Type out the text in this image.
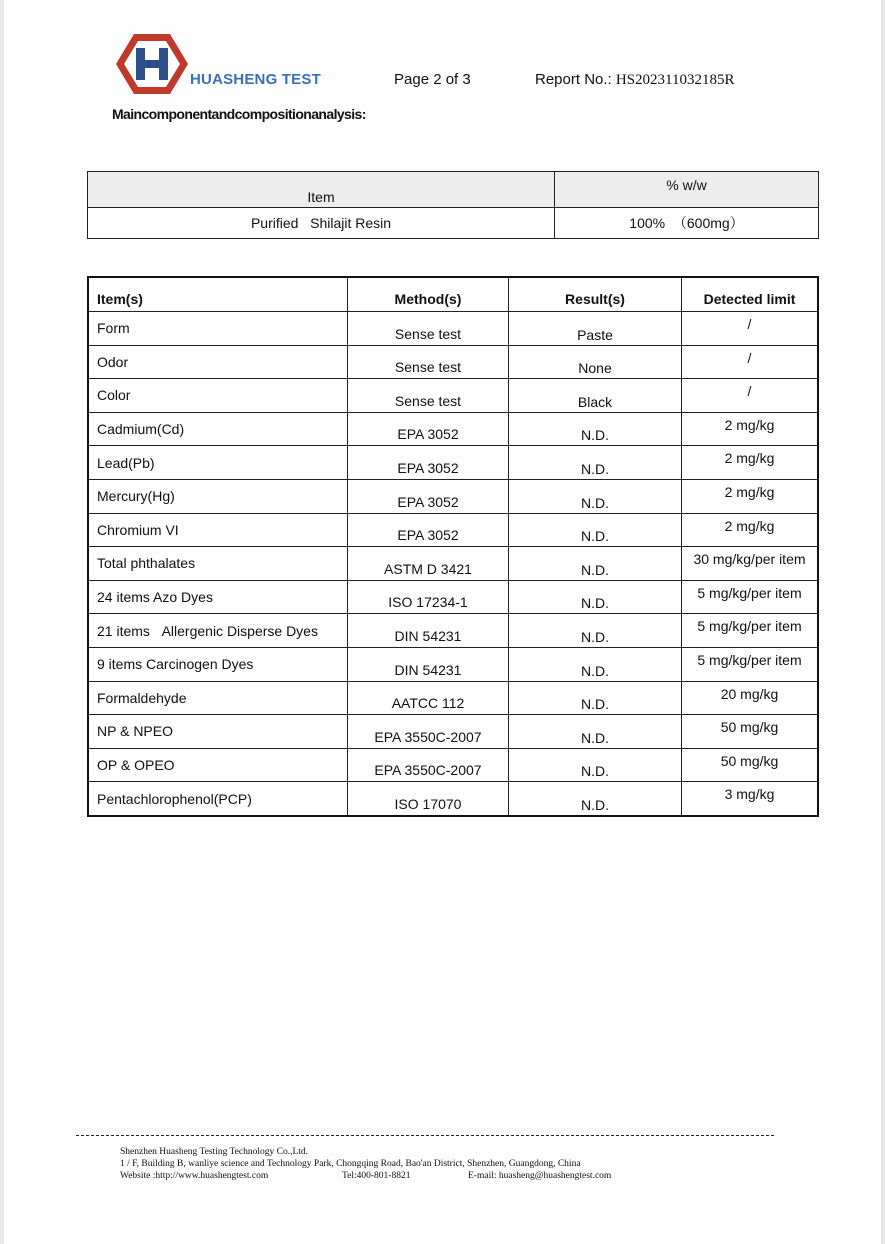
HUASHENG TEST	Page 2 of 3	Report No.: HS202311032185R
Maincomponentandcompositionanalysis:
Item	% w/w
Purified   Shilajit Resin	100%  （600mg）
Item(s)	Method(s)	Result(s)	Detected limit
Form	Sense test	Paste	/
Odor	Sense test	None	/
Color	Sense test	Black	/
Cadmium(Cd)	EPA 3052	N.D.	2 mg/kg
Lead(Pb)	EPA 3052	N.D.	2 mg/kg
Mercury(Hg)	EPA 3052	N.D.	2 mg/kg
Chromium VI	EPA 3052	N.D.	2 mg/kg
Total phthalates	ASTM D 3421	N.D.	30 mg/kg/per item
24 items Azo Dyes	ISO 17234-1	N.D.	5 mg/kg/per item
21 items   Allergenic Disperse Dyes	DIN 54231	N.D.	5 mg/kg/per item
9 items Carcinogen Dyes	DIN 54231	N.D.	5 mg/kg/per item
Formaldehyde	AATCC 112	N.D.	20 mg/kg
NP & NPEO	EPA 3550C-2007	N.D.	50 mg/kg
OP & OPEO	EPA 3550C-2007	N.D.	50 mg/kg
Pentachlorophenol(PCP)	ISO 17070	N.D.	3 mg/kg
Shenzhen Huasheng Testing Technology Co.,Ltd.
1 / F, Building B, wanliye science and Technology Park, Chongqing Road, Bao'an District, Shenzhen, Guangdong, China
Website :http://www.huashengtest.com	Tel:400-801-8821	E-mail: huasheng@huashengtest.com
